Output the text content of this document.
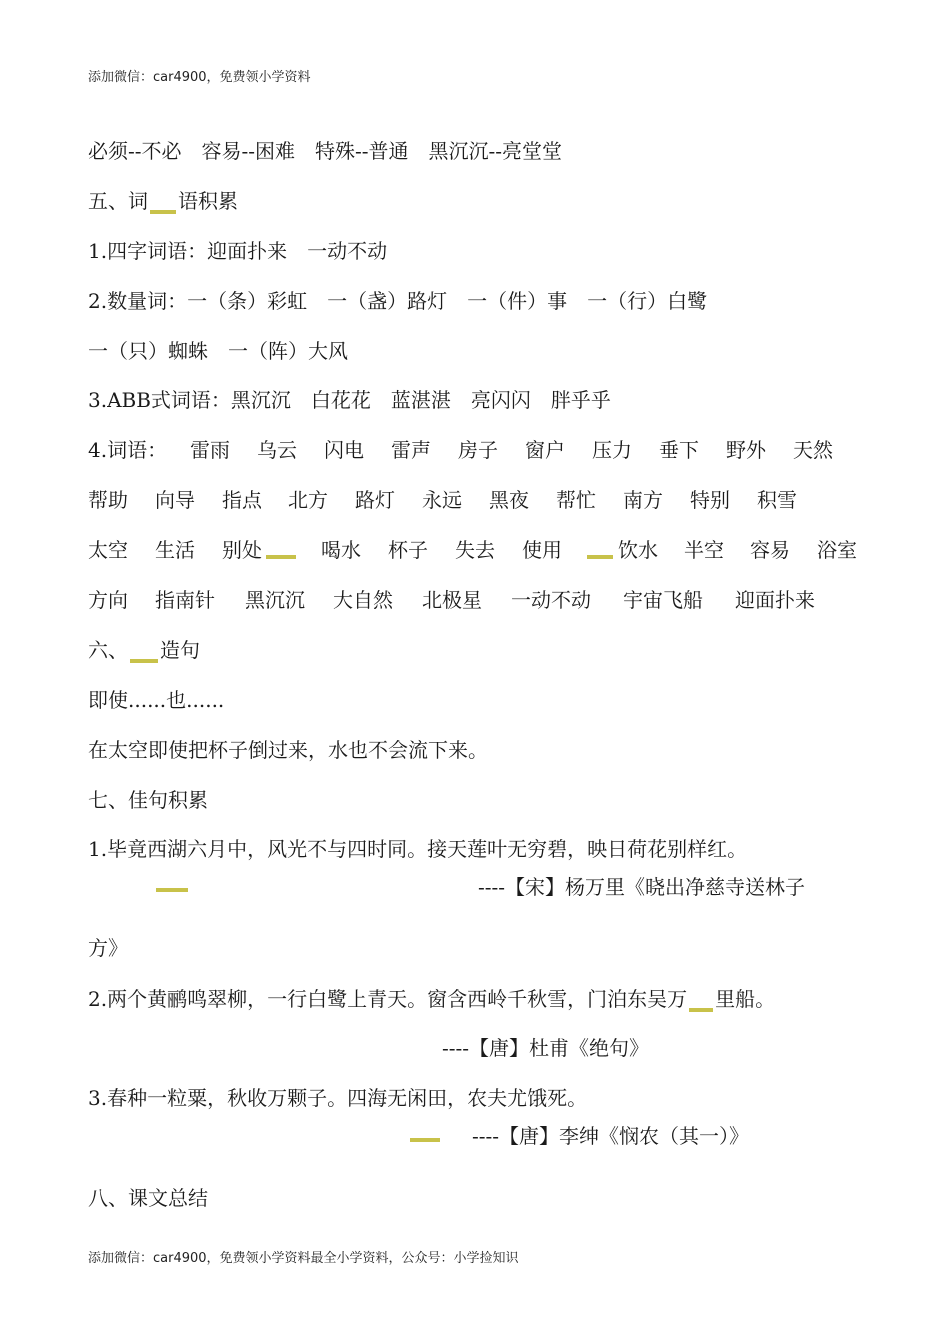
添加微信：car4900，免费领小学资料
必须--不必　容易--困难　特殊--普通　黑沉沉--亮堂堂
五、词 语积累
1.四字词语：迎面扑来　一动不动
2.数量词：一（条）彩虹　一（盏）路灯　一（件）事　一（行）白鹭
一（只）蜘蛛　一（阵）大风
3.ABB式词语：黑沉沉　白花花　蓝湛湛　亮闪闪　胖乎乎
4.词语： 雷雨 乌云 闪电 雷声 房子 窗户 压力 垂下 野外 天然
帮助 向导 指点 北方 路灯 永远 黑夜 帮忙 南方 特别 积雪
太空 生活 别处	喝水 杯子 失去 使用	饮水 半空 容易 浴室
方向 指南针 黑沉沉 大自然 北极星 一动不动 宇宙飞船 迎面扑来
六、 造句
即使......也......
在太空即使把杯子倒过来，水也不会流下来。
七、佳句积累
1.毕竟西湖六月中，风光不与四时同。接天莲叶无穷碧，映日荷花别样红。
----【宋】杨万里《晓出净慈寺送林子
方》
2.两个黄鹂鸣翠柳，一行白鹭上青天。窗含西岭千秋雪，门泊东吴万 里船。
----【唐】杜甫《绝句》
3.春种一粒粟，秋收万颗子。四海无闲田，农夫尤饿死。
----【唐】李绅《悯农（其一）》
八、课文总结
添加微信：car4900，免费领小学资料最全小学资料，公众号：小学捡知识
